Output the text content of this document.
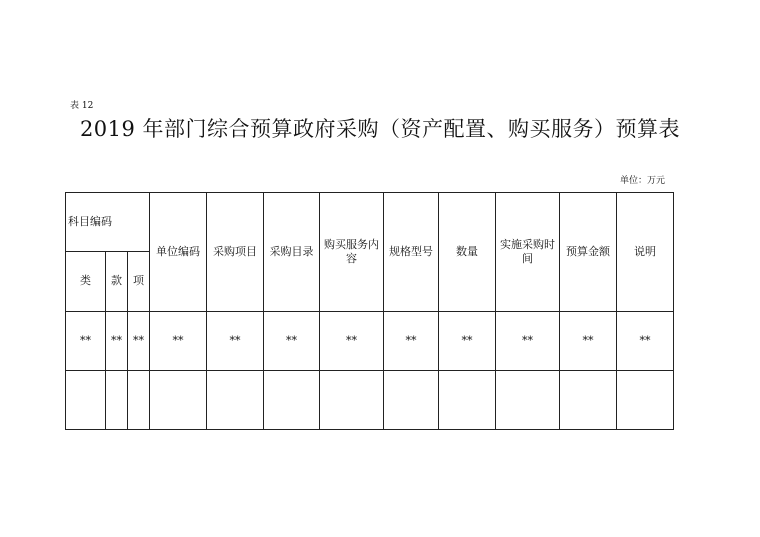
表 12
2019 年部门综合预算政府采购（资产配置、购买服务）预算表
单位：万元
科目编码			单位编码	采购项目	采购目录	购买服务内容	规格型号	数量	实施采购时间	预算金额	说明
类	款	项									
**	**	**	**	**	**	**	**	**	**	**	**
